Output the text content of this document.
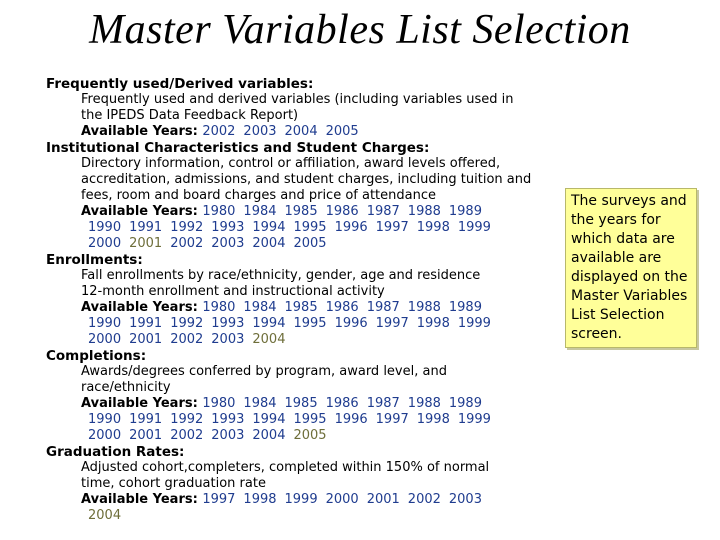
Master Variables List Selection
Frequently used/Derived variables:
Frequently used and derived variables (including variables used in
the IPEDS Data Feedback Report)
Available Years: 2002 2003 2004 2005
Institutional Characteristics and Student Charges:
Directory information, control or affiliation, award levels offered,
accreditation, admissions, and student charges, including tuition and
fees, room and board charges and price of attendance
Available Years: 1980 1984 1985 1986 1987 1988 1989
1990 1991 1992 1993 1994 1995 1996 1997 1998 1999
2000 2001 2002 2003 2004 2005
Enrollments:
Fall enrollments by race/ethnicity, gender, age and residence
12-month enrollment and instructional activity
Available Years: 1980 1984 1985 1986 1987 1988 1989
1990 1991 1992 1993 1994 1995 1996 1997 1998 1999
2000 2001 2002 2003 2004
Completions:
Awards/degrees conferred by program, award level, and
race/ethnicity
Available Years: 1980 1984 1985 1986 1987 1988 1989
1990 1991 1992 1993 1994 1995 1996 1997 1998 1999
2000 2001 2002 2003 2004 2005
Graduation Rates:
Adjusted cohort,completers, completed within 150% of normal
time, cohort graduation rate
Available Years: 1997 1998 1999 2000 2001 2002 2003
2004
The surveys and the years for which data are available are displayed on the Master Variables List Selection screen.
